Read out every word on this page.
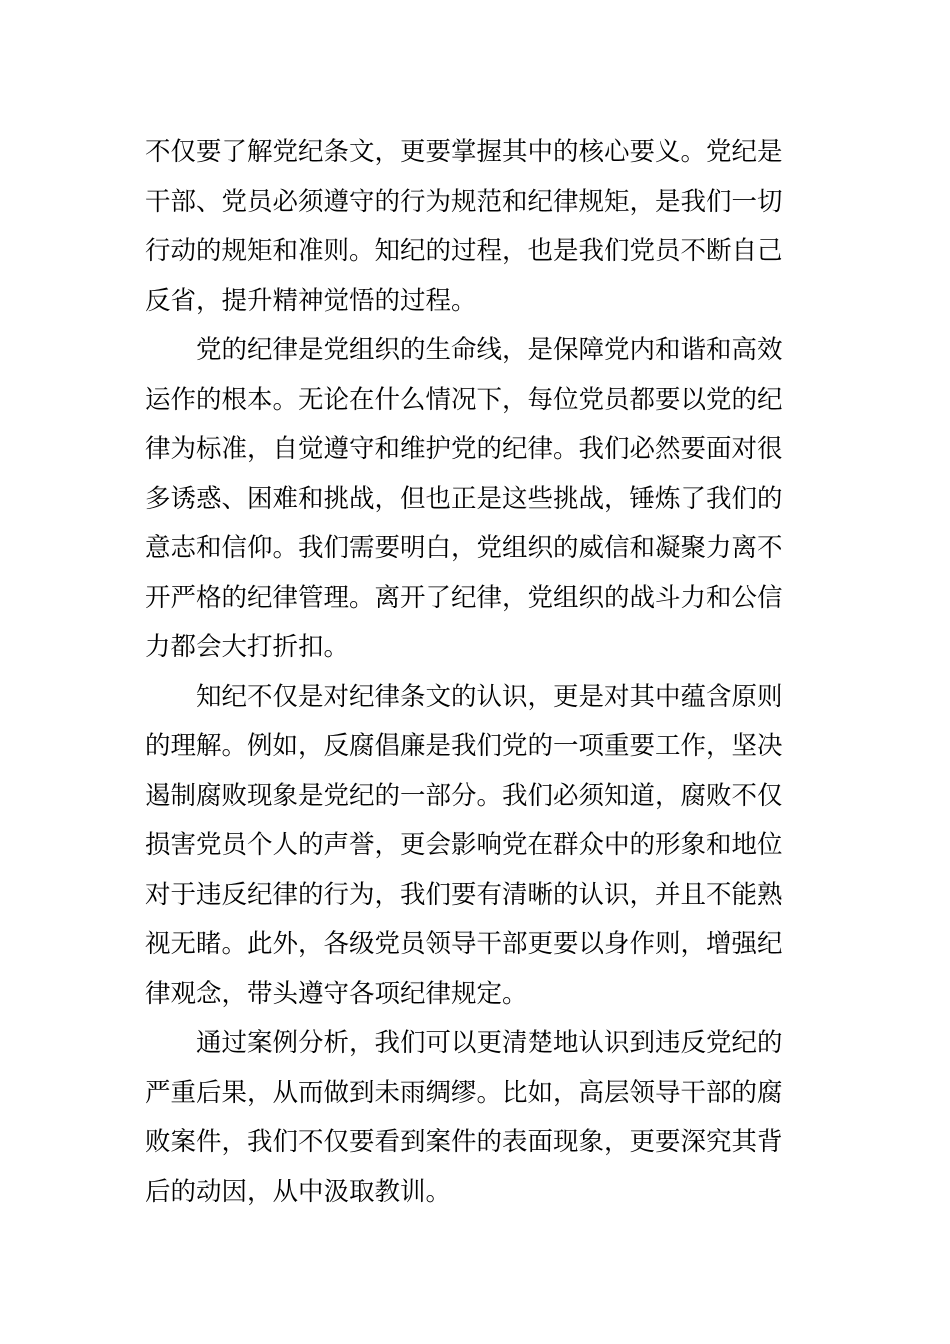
不仅要了解党纪条文，更要掌握其中的核心要义。党纪是
干部、党员必须遵守的行为规范和纪律规矩，是我们一切
行动的规矩和准则。知纪的过程，也是我们党员不断自己
反省，提升精神觉悟的过程。
党的纪律是党组织的生命线，是保障党内和谐和高效
运作的根本。无论在什么情况下，每位党员都要以党的纪
律为标准，自觉遵守和维护党的纪律。我们必然要面对很
多诱惑、困难和挑战，但也正是这些挑战，锤炼了我们的
意志和信仰。我们需要明白，党组织的威信和凝聚力离不
开严格的纪律管理。离开了纪律，党组织的战斗力和公信
力都会大打折扣。
知纪不仅是对纪律条文的认识，更是对其中蕴含原则
的理解。例如，反腐倡廉是我们党的一项重要工作，坚决
遏制腐败现象是党纪的一部分。我们必须知道，腐败不仅
损害党员个人的声誉，更会影响党在群众中的形象和地位
对于违反纪律的行为，我们要有清晰的认识，并且不能熟
视无睹。此外，各级党员领导干部更要以身作则，增强纪
律观念，带头遵守各项纪律规定。
通过案例分析，我们可以更清楚地认识到违反党纪的
严重后果，从而做到未雨绸缪。比如，高层领导干部的腐
败案件，我们不仅要看到案件的表面现象，更要深究其背
后的动因，从中汲取教训。
